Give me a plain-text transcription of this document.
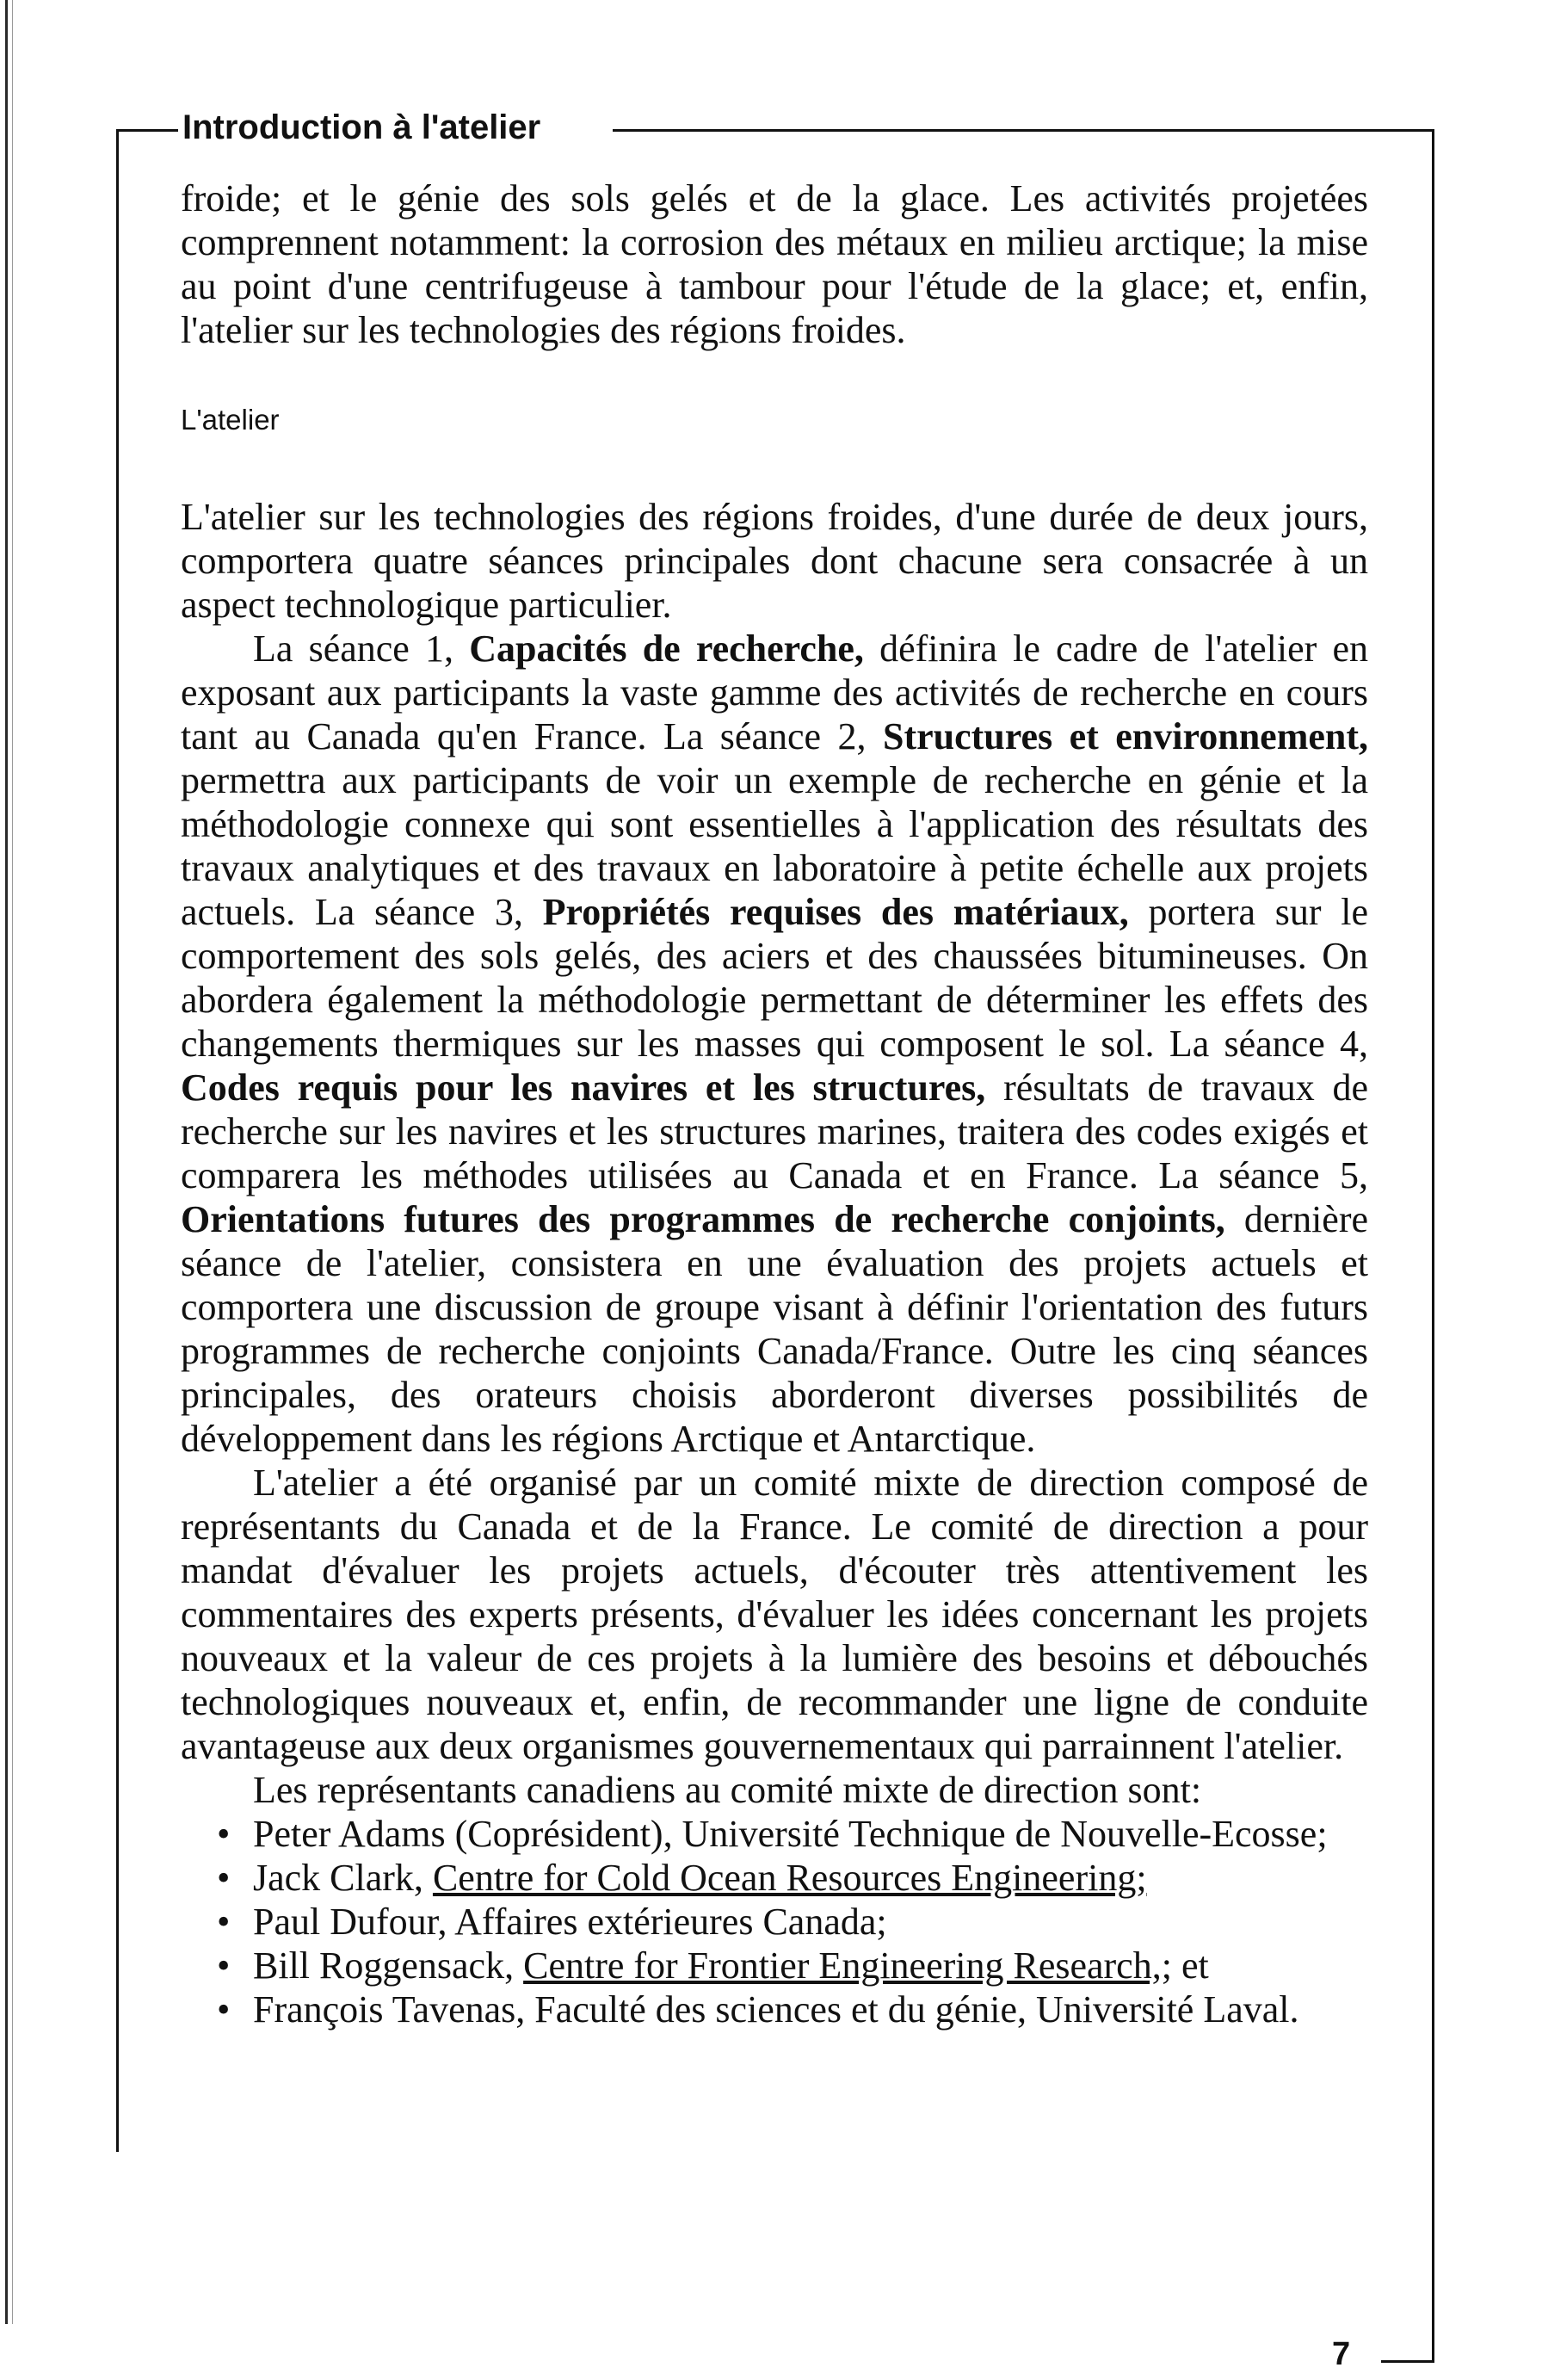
Introduction à l'atelier

froide; et le génie des sols gelés et de la glace. Les activités projetées comprennent notamment: la corrosion des métaux en milieu arctique; la mise au point d'une centrifugeuse à tambour pour l'étude de la glace; et, enfin, l'atelier sur les technologies des régions froides.

L'atelier

L'atelier sur les technologies des régions froides, d'une durée de deux jours, comportera quatre séances principales dont chacune sera consacrée à un aspect technologique particulier.

La séance 1, Capacités de recherche, définira le cadre de l'atelier en exposant aux participants la vaste gamme des activités de recherche en cours tant au Canada qu'en France. La séance 2, Structures et environnement, permettra aux participants de voir un exemple de recherche en génie et la méthodologie connexe qui sont essentielles à l'application des résultats des travaux analytiques et des travaux en laboratoire à petite échelle aux projets actuels. La séance 3, Propriétés requises des matériaux, portera sur le comportement des sols gelés, des aciers et des chaussées bitumineuses. On abordera également la méthodologie permettant de déterminer les effets des changements thermiques sur les masses qui composent le sol. La séance 4, Codes requis pour les navires et les structures, résultats de travaux de recherche sur les navires et les structures marines, traitera des codes exigés et comparera les méthodes utilisées au Canada et en France. La séance 5, Orientations futures des programmes de recherche conjoints, dernière séance de l'atelier, consistera en une évaluation des projets actuels et comportera une discussion de groupe visant à définir l'orientation des futurs programmes de recherche conjoints Canada/France. Outre les cinq séances principales, des orateurs choisis aborderont diverses possibilités de développement dans les régions Arctique et Antarctique.

L'atelier a été organisé par un comité mixte de direction composé de représentants du Canada et de la France. Le comité de direction a pour mandat d'évaluer les projets actuels, d'écouter très attentivement les commentaires des experts présents, d'évaluer les idées concernant les projets nouveaux et la valeur de ces projets à la lumière des besoins et débouchés technologiques nouveaux et, enfin, de recommander une ligne de conduite avantageuse aux deux organismes gouvernementaux qui parrainnent l'atelier.

Les représentants canadiens au comité mixte de direction sont:

• Peter Adams (Coprésident), Université Technique de Nouvelle-Ecosse;
• Jack Clark, Centre for Cold Ocean Resources Engineering;
• Paul Dufour, Affaires extérieures Canada;
• Bill Roggensack, Centre for Frontier Engineering Research,; et
• François Tavenas, Faculté des sciences et du génie, Université Laval.
7
